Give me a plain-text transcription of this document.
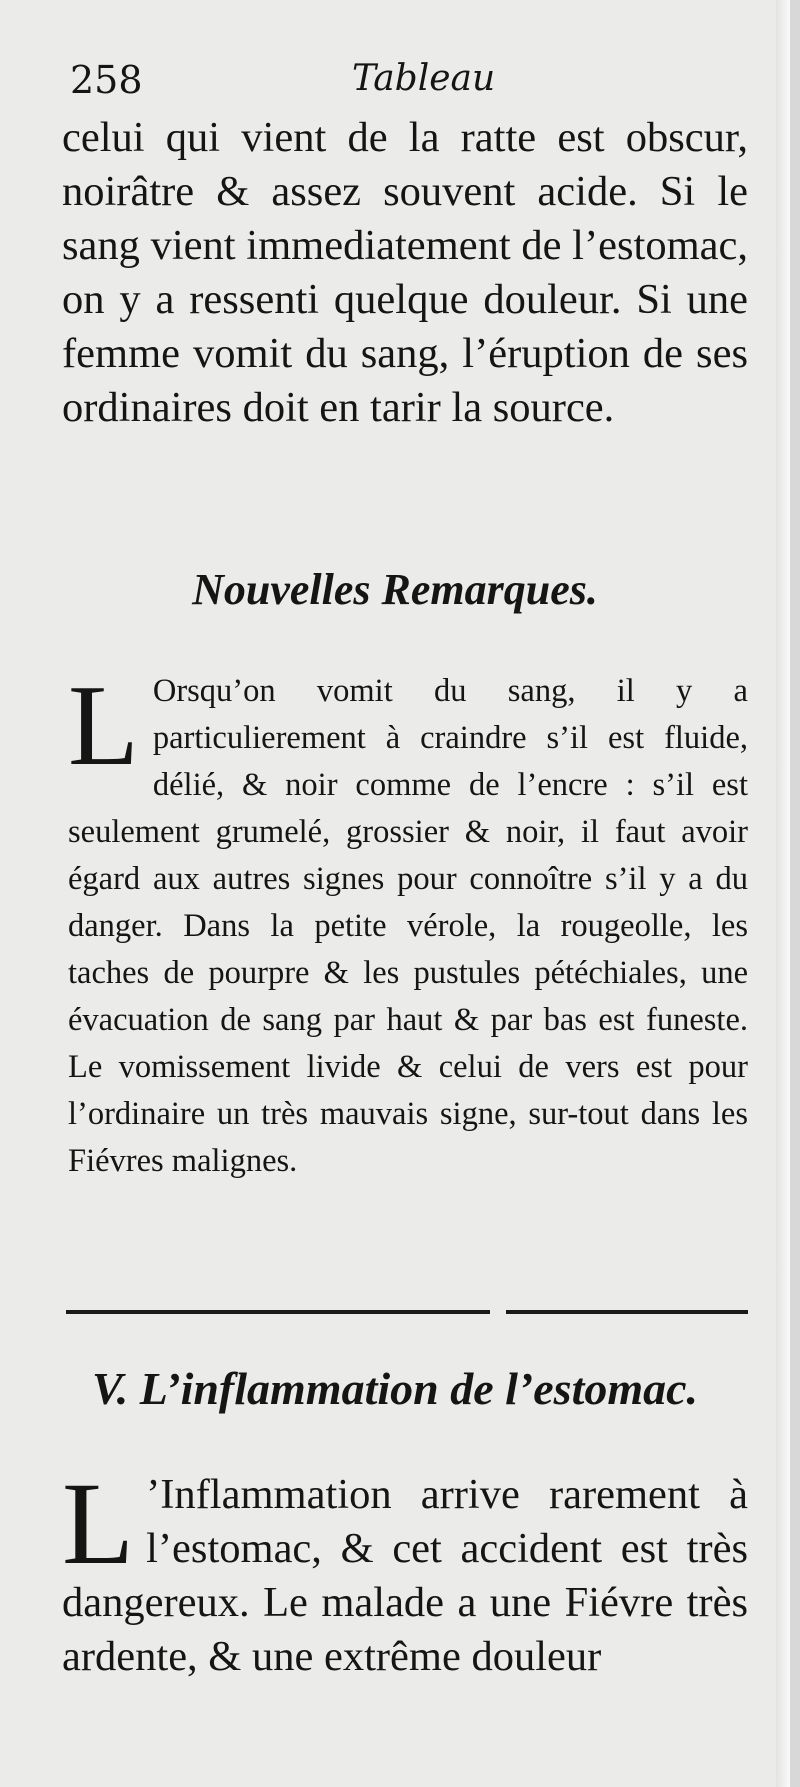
258	Tableau

celui qui vient de la ratte est obscur, noirâtre & assez souvent acide. Si le sang vient immediatement de l’estomac, on y a ressenti quelque douleur. Si une femme vomit du sang, l’éruption de ses ordinaires doit en tarir la source.

Nouvelles Remarques.

L Orsqu’on vomit du sang, il y a particulierement à craindre s’il est fluide, délié, & noir comme de l’encre : s’il est seulement grumelé, grossier & noir, il faut avoir égard aux autres signes pour connoître s’il y a du danger. Dans la petite vérole, la rougeolle, les taches de pourpre & les pustules pétéchiales, une évacuation de sang par haut & par bas est funeste. Le vomissement livide & celui de vers est pour l’ordinaire un très mauvais signe, sur-tout dans les Fiévres malignes.

V. L’inflammation de l’estomac.

L ’Inflammation arrive rarement à l’estomac, & cet accident est très dangereux. Le malade a une Fiévre très ardente, & une extrême douleur
